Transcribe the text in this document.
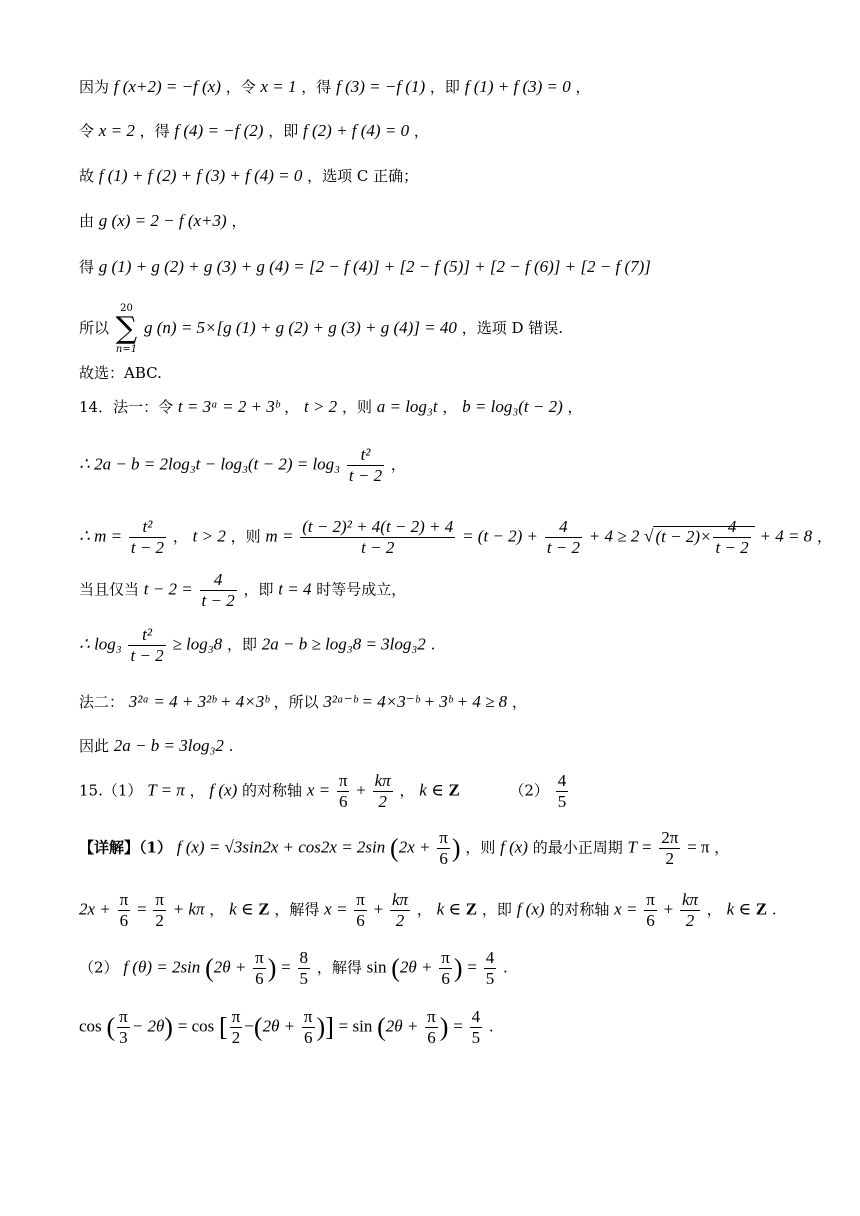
因为 f (x+2) = −f (x) ，令 x = 1 ，得 f (3) = −f (1) ，即 f (1) + f (3) = 0 ，
令 x = 2 ，得 f (4) = −f (2) ，即 f (2) + f (4) = 0 ，
故 f (1) + f (2) + f (3) + f (4) = 0 ，选项 C 正确；
由 g (x) = 2 − f (x+3) ，
得 g (1) + g (2) + g (3) + g (4) = [2 − f (4)] + [2 − f (5)] + [2 − f (6)] + [2 − f (7)]
所以
20
∑
n=1
g (n) = 5×[g (1) + g (2) + g (3) + g (4)] = 40 ，选项 D 错误.
故选：ABC.
14．法一：令 t = 3ᵃ = 2 + 3ᵇ ， t > 2 ，则 a = log₃t ， b = log₃(t − 2) ，
∴ $2a - b = 2\log_3t - \log_3(t - 2) = \log_3 \frac{\text{t²}}{t - 2}$ ，
∴ $m = \frac{\text{t²}}{t - 2}$ ， t > 2 ，则 $m = \frac{\text{(t − 2)² + 4(t − 2) + 4}}{t - 2} = (t - 2) + \frac{4}{t - 2} + 4 \ge 2$ √ $(t - 2)\times \frac{4}{t - 2} + 4 = 8$ ，
当且仅当 $t - 2 = \frac{4}{t - 2}$ ，即 t = 4 时等号成立，
∴ $\log_3 \frac{\text{t²}}{t - 2} \ge \log_38$ ，即 2a − b ≥ log₃8 = 3log₃2 .
法二： 3²ᵃ = 4 + 3²ᵇ + 4×3ᵇ ，所以 3²ᵃ⁻ᵇ = 4×3⁻ᵇ + 3ᵇ + 4 ≥ 8 ，
因此 2a − b = 3log₃2 .
15.（1） T = π ， f (x) 的对称轴 $x = \frac{\pi}{6} + \frac{k\pi}{2}$ ， k ∈ Z	$(2) \frac{4}{5}$
【详解】（1） f (x) = √3sin2x + cos2x = 2sin ($2x + \frac{\pi}{6}$ ) ，则 f (x) 的最小正周期 $T = \frac{2\pi}{2} = \pi$ ，
$2x + \frac{\pi}{6} = \frac{\pi}{2} + k\pi$ ， k ∈ Z ，解得 $x = \frac{\pi}{6} + \frac{k\pi}{2}$ ， k ∈ Z ，即 f (x) 的对称轴 $x = \frac{\pi}{6} + \frac{k\pi}{2}$ ， k ∈ Z .
（2） f (θ) = 2sin ($2\theta + \frac{\pi}{6}$ ) = $\frac{8}{5}$ ，解得 $\sin (2\theta + \frac{\pi}{6}$ ) = $\frac{4}{5}$ .
cos ( $\frac{\pi}{3} - 2\theta) = \cos$ [ $\frac{\pi}{2} -(2\theta + \frac{\pi}{6}$ )] = $\sin (2\theta + \frac{\pi}{6}$ ) = $\frac{4}{5}$ .
